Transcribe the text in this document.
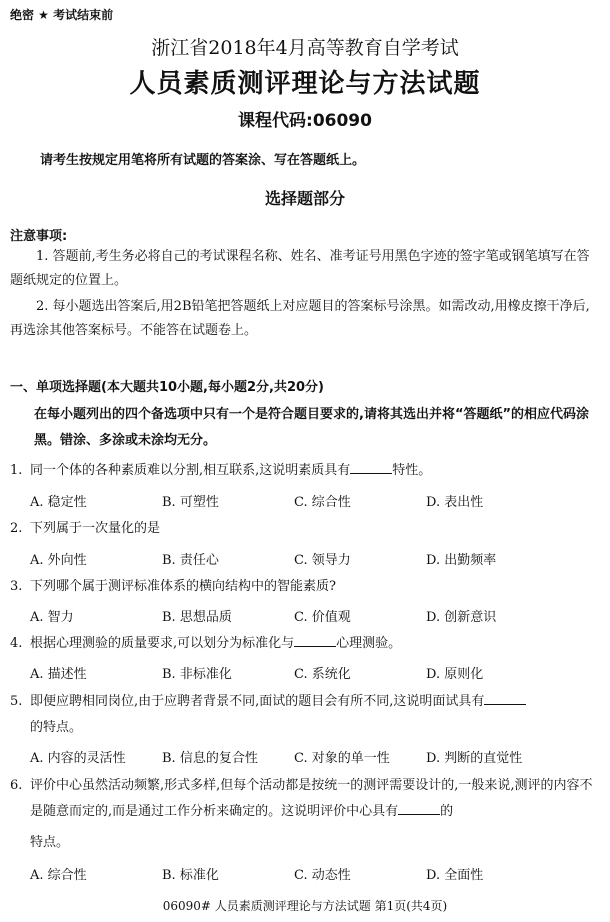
绝密 ★ 考试结束前
浙江省2018年4月高等教育自学考试
人员素质测评理论与方法试题
课程代码:06090
请考生按规定用笔将所有试题的答案涂、写在答题纸上。
选择题部分
注意事项:
1. 答题前,考生务必将自己的考试课程名称、姓名、准考证号用黑色字迹的签字笔或钢笔填写在答题纸规定的位置上。
2. 每小题选出答案后,用2B铅笔把答题纸上对应题目的答案标号涂黑。如需改动,用橡皮擦干净后,再选涂其他答案标号。不能答在试题卷上。
一、单项选择题(本大题共10小题,每小题2分,共20分)
在每小题列出的四个备选项中只有一个是符合题目要求的,请将其选出并将“答题纸”的相应代码涂黑。错涂、多涂或未涂均无分。
1. 同一个体的各种素质难以分割,相互联系,这说明素质具有	特性。
A. 稳定性	B. 可塑性	C. 综合性	D. 表出性
2. 下列属于一次量化的是
A. 外向性	B. 责任心	C. 领导力	D. 出勤频率
3. 下列哪个属于测评标准体系的横向结构中的智能素质?
A. 智力	B. 思想品质	C. 价值观	D. 创新意识
4. 根据心理测验的质量要求,可以划分为标准化与	心理测验。
A. 描述性	B. 非标准化	C. 系统化	D. 原则化
5. 即便应聘相同岗位,由于应聘者背景不同,面试的题目会有所不同,这说明面试具有
的特点。
A. 内容的灵活性	B. 信息的复合性	C. 对象的单一性	D. 判断的直觉性
6. 评价中心虽然活动频繁,形式多样,但每个活动都是按统一的测评需要设计的,一般来说,测评的内容不是随意而定的,而是通过工作分析来确定的。这说明评价中心具有	的
特点。
A. 综合性	B. 标准化	C. 动态性	D. 全面性
06090# 人员素质测评理论与方法试题 第1页(共4页)
